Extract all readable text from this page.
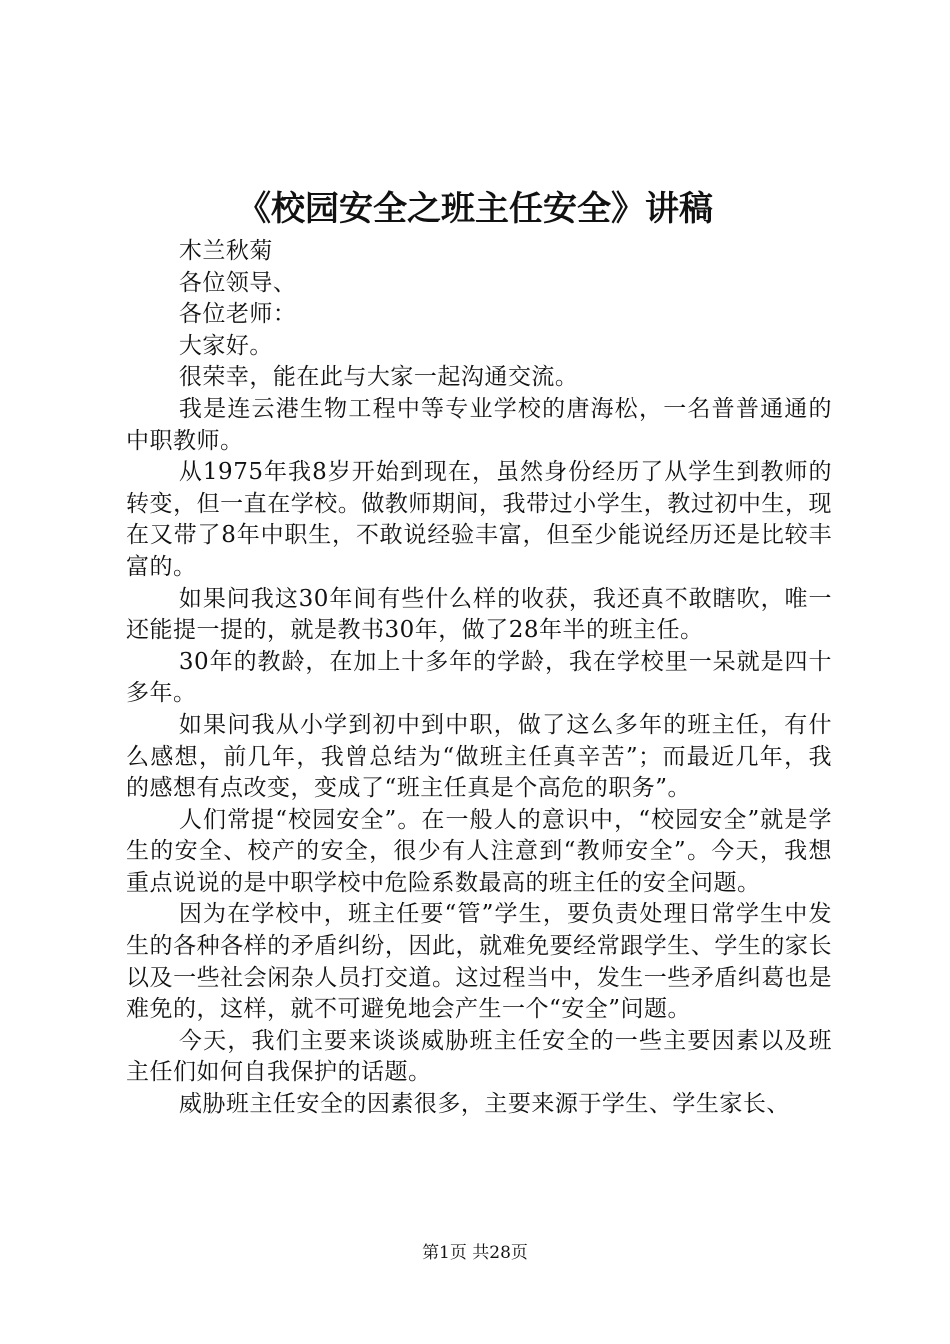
《校园安全之班主任安全》讲稿

木兰秋菊

各位领导、

各位老师：

大家好。

很荣幸，能在此与大家一起沟通交流。

我是连云港生物工程中等专业学校的唐海松，一名普普通通的中职教师。

从1975年我8岁开始到现在，虽然身份经历了从学生到教师的转变，但一直在学校。做教师期间，我带过小学生，教过初中生，现在又带了8年中职生，不敢说经验丰富，但至少能说经历还是比较丰富的。

如果问我这30年间有些什么样的收获，我还真不敢瞎吹，唯一还能提一提的，就是教书30年，做了28年半的班主任。

30年的教龄，在加上十多年的学龄，我在学校里一呆就是四十多年。

如果问我从小学到初中到中职，做了这么多年的班主任，有什么感想，前几年，我曾总结为“做班主任真辛苦”；而最近几年，我的感想有点改变，变成了“班主任真是个高危的职务”。

人们常提“校园安全”。在一般人的意识中，“校园安全”就是学生的安全、校产的安全，很少有人注意到“教师安全”。今天，我想重点说说的是中职学校中危险系数最高的班主任的安全问题。

因为在学校中，班主任要“管”学生，要负责处理日常学生中发生的各种各样的矛盾纠纷，因此，就难免要经常跟学生、学生的家长以及一些社会闲杂人员打交道。这过程当中，发生一些矛盾纠葛也是难免的，这样，就不可避免地会产生一个“安全”问题。

今天，我们主要来谈谈威胁班主任安全的一些主要因素以及班主任们如何自我保护的话题。

威胁班主任安全的因素很多，主要来源于学生、学生家长、

第1页 共28页
